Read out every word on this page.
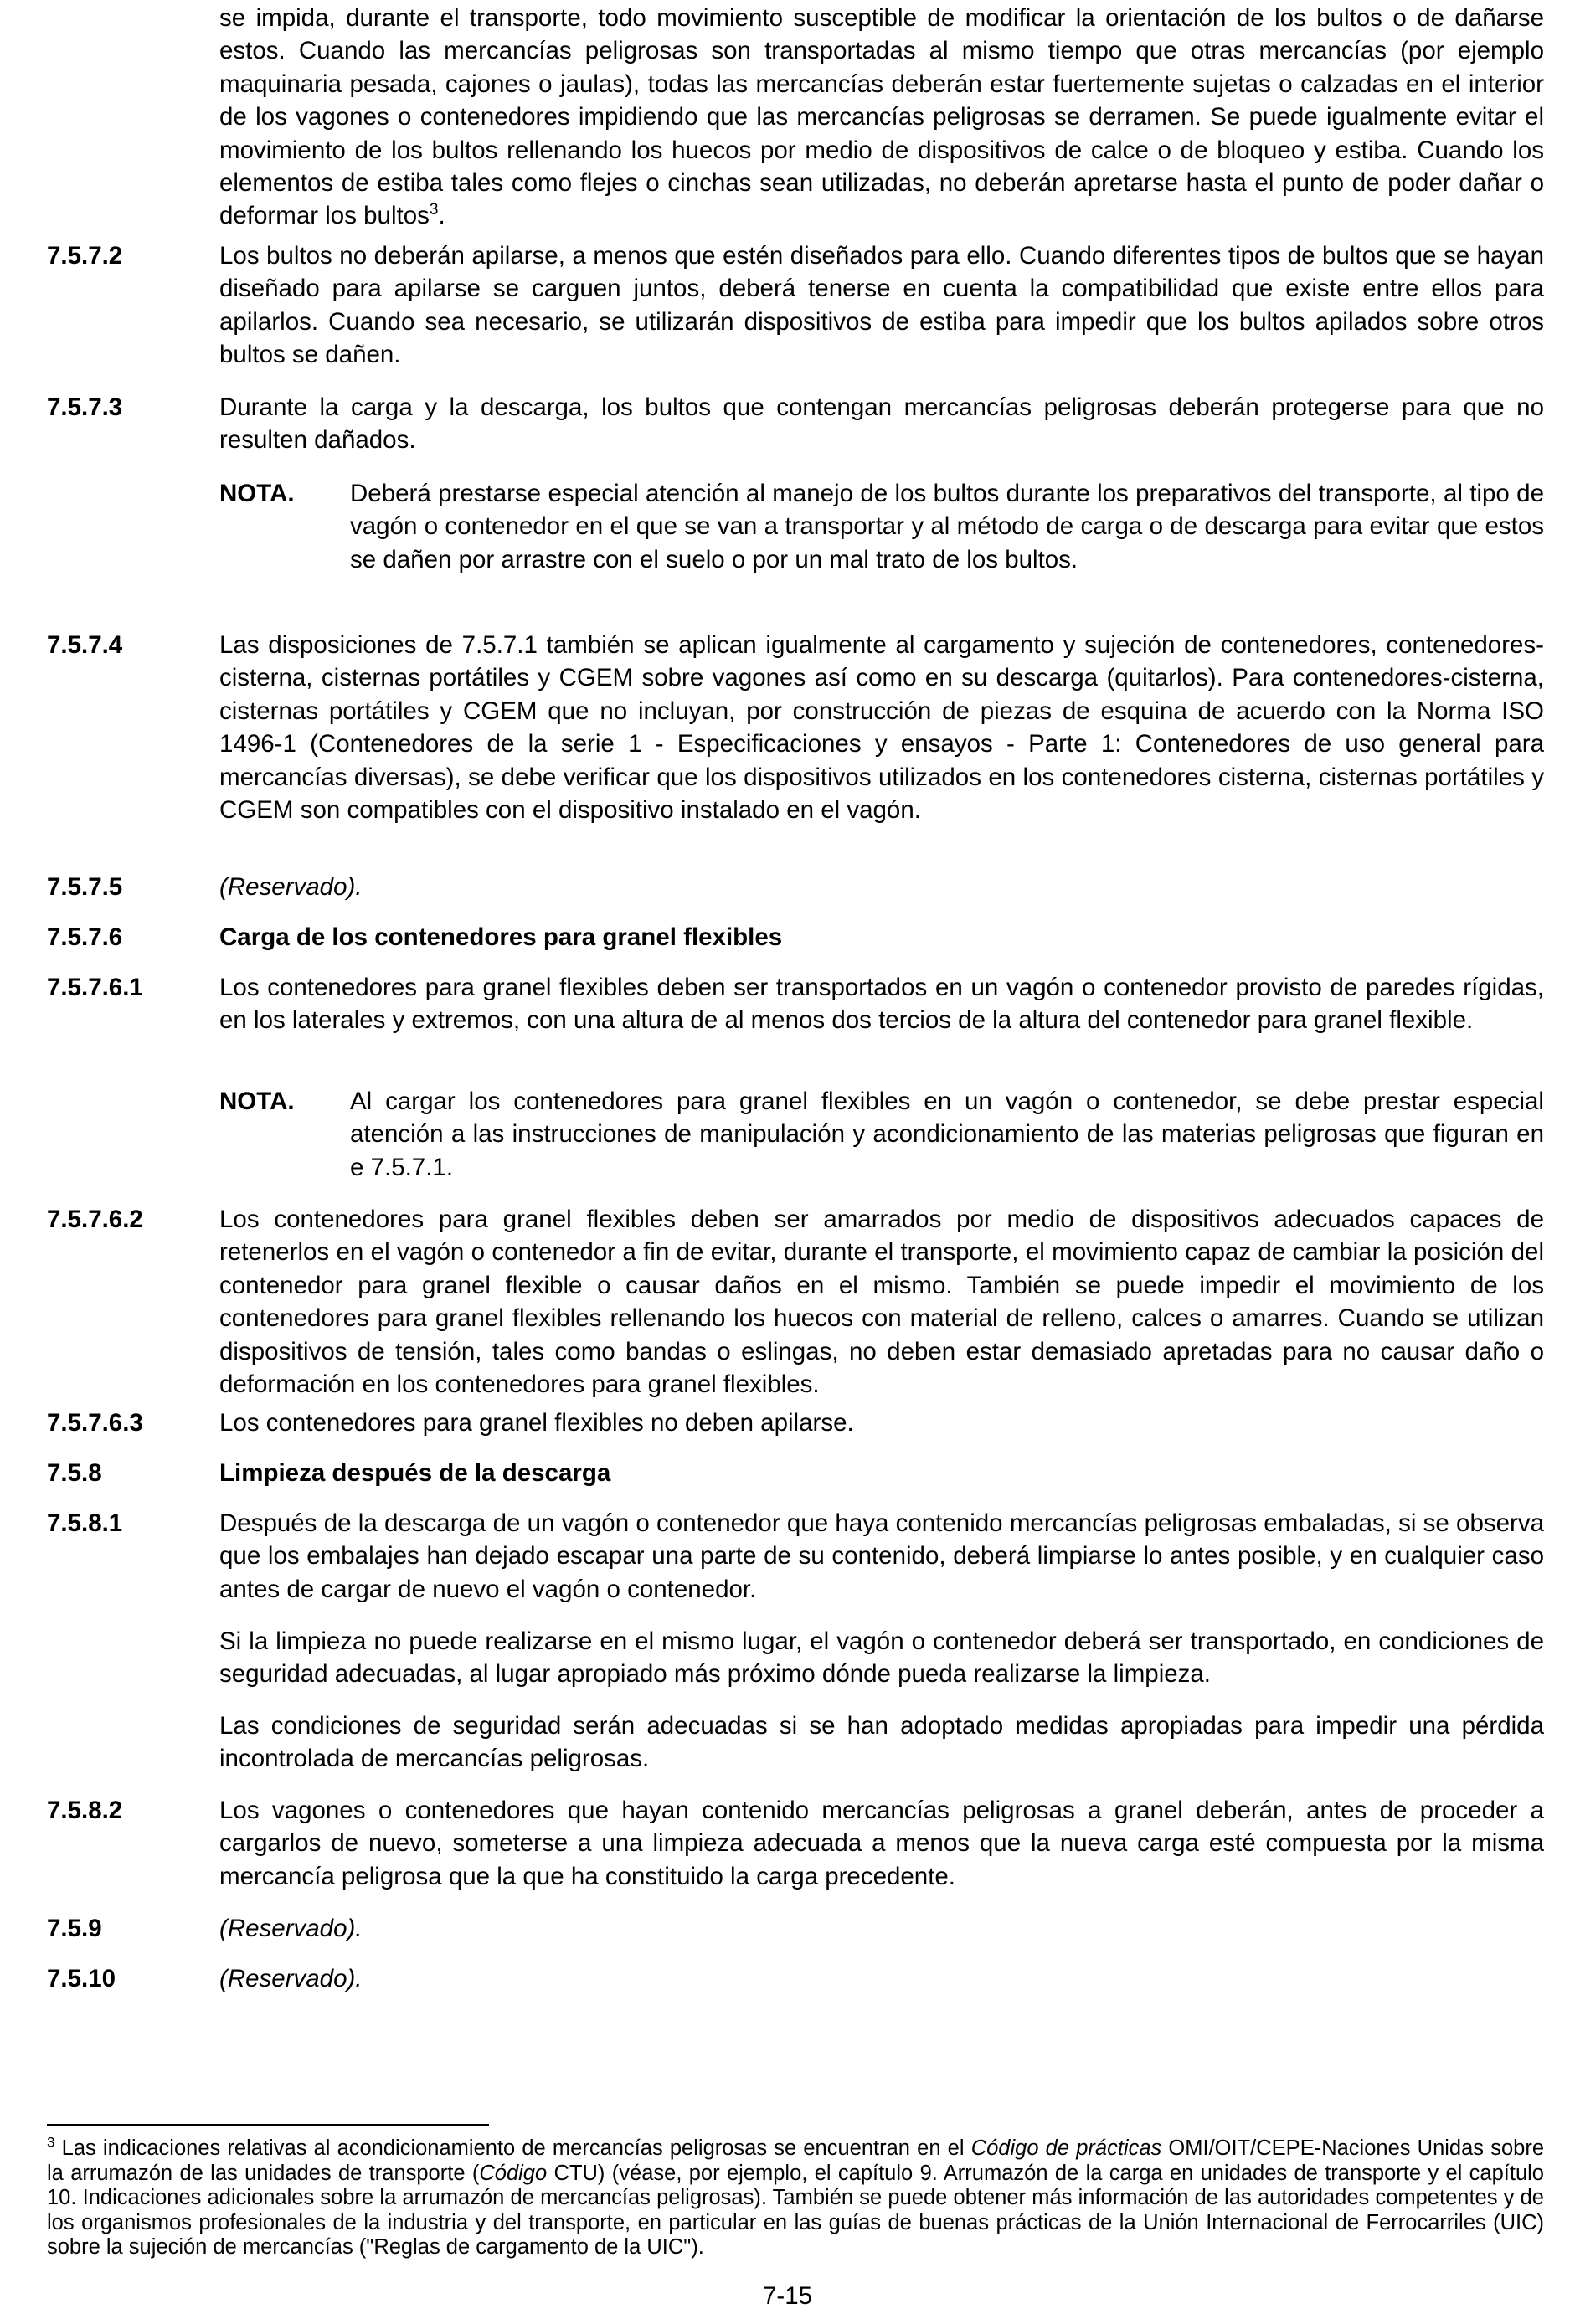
se impida, durante el transporte, todo movimiento susceptible de modificar la orientación de los bultos o de dañarse estos. Cuando las mercancías peligrosas son transportadas al mismo tiempo que otras mercancías (por ejemplo maquinaria pesada, cajones o jaulas), todas las mercancías deberán estar fuertemente sujetas o calzadas en el interior de los vagones o contenedores impidiendo que las mercancías peligrosas se derramen. Se puede igualmente evitar el movimiento de los bultos rellenando los huecos por medio de dispositivos de calce o de bloqueo y estiba. Cuando los elementos de estiba tales como flejes o cinchas sean utilizadas, no deberán apretarse hasta el punto de poder dañar o deformar los bultos$^3$.
7.5.7.2	Los bultos no deberán apilarse, a menos que estén diseñados para ello. Cuando diferentes tipos de bultos que se hayan diseñado para apilarse se carguen juntos, deberá tenerse en cuenta la compatibilidad que existe entre ellos para apilarlos. Cuando sea necesario, se utilizarán dispositivos de estiba para impedir que los bultos apilados sobre otros bultos se dañen.
7.5.7.3	Durante la carga y la descarga, los bultos que contengan mercancías peligrosas deberán protegerse para que no resulten dañados.
NOTA. Deberá prestarse especial atención al manejo de los bultos durante los preparativos del transporte, al tipo de vagón o contenedor en el que se van a transportar y al método de carga o de descarga para evitar que estos se dañen por arrastre con el suelo o por un mal trato de los bultos.
7.5.7.4	Las disposiciones de 7.5.7.1 también se aplican igualmente al cargamento y sujeción de contenedores, contenedores-cisterna, cisternas portátiles y CGEM sobre vagones así como en su descarga (quitarlos). Para contenedores-cisterna, cisternas portátiles y CGEM que no incluyan, por construcción de piezas de esquina de acuerdo con la Norma ISO 1496-1 (Contenedores de la serie 1 - Especificaciones y ensayos - Parte 1: Contenedores de uso general para mercancías diversas), se debe verificar que los dispositivos utilizados en los contenedores cisterna, cisternas portátiles y CGEM son compatibles con el dispositivo instalado en el vagón.
7.5.7.5	(Reservado).
7.5.7.6	Carga de los contenedores para granel flexibles
7.5.7.6.1	Los contenedores para granel flexibles deben ser transportados en un vagón o contenedor provisto de paredes rígidas, en los laterales y extremos, con una altura de al menos dos tercios de la altura del contenedor para granel flexible.
NOTA. Al cargar los contenedores para granel flexibles en un vagón o contenedor, se debe prestar especial atención a las instrucciones de manipulación y acondicionamiento de las materias peligrosas que figuran en e 7.5.7.1.
7.5.7.6.2	Los contenedores para granel flexibles deben ser amarrados por medio de dispositivos adecuados capaces de retenerlos en el vagón o contenedor a fin de evitar, durante el transporte, el movimiento capaz de cambiar la posición del contenedor para granel flexible o causar daños en el mismo. También se puede impedir el movimiento de los contenedores para granel flexibles rellenando los huecos con material de relleno, calces o amarres. Cuando se utilizan dispositivos de tensión, tales como bandas o eslingas, no deben estar demasiado apretadas para no causar daño o deformación en los contenedores para granel flexibles.
7.5.7.6.3	Los contenedores para granel flexibles no deben apilarse.
7.5.8	Limpieza después de la descarga
7.5.8.1	Después de la descarga de un vagón o contenedor que haya contenido mercancías peligrosas embaladas, si se observa que los embalajes han dejado escapar una parte de su contenido, deberá limpiarse lo antes posible, y en cualquier caso antes de cargar de nuevo el vagón o contenedor.
Si la limpieza no puede realizarse en el mismo lugar, el vagón o contenedor deberá ser transportado, en condiciones de seguridad adecuadas, al lugar apropiado más próximo dónde pueda realizarse la limpieza.
Las condiciones de seguridad serán adecuadas si se han adoptado medidas apropiadas para impedir una pérdida incontrolada de mercancías peligrosas.
7.5.8.2	Los vagones o contenedores que hayan contenido mercancías peligrosas a granel deberán, antes de proceder a cargarlos de nuevo, someterse a una limpieza adecuada a menos que la nueva carga esté compuesta por la misma mercancía peligrosa que la que ha constituido la carga precedente.
7.5.9	(Reservado).
7.5.10	(Reservado).
$^3$ Las indicaciones relativas al acondicionamiento de mercancías peligrosas se encuentran en el Código de prácticas OMI/OIT/CEPE-Naciones Unidas sobre la arrumazón de las unidades de transporte (Código CTU) (véase, por ejemplo, el capítulo 9. Arrumazón de la carga en unidades de transporte y el capítulo 10. Indicaciones adicionales sobre la arrumazón de mercancías peligrosas). También se puede obtener más información de las autoridades competentes y de los organismos profesionales de la industria y del transporte, en particular en las guías de buenas prácticas de la Unión Internacional de Ferrocarriles (UIC) sobre la sujeción de mercancías ("Reglas de cargamento de la UIC").
7-15
